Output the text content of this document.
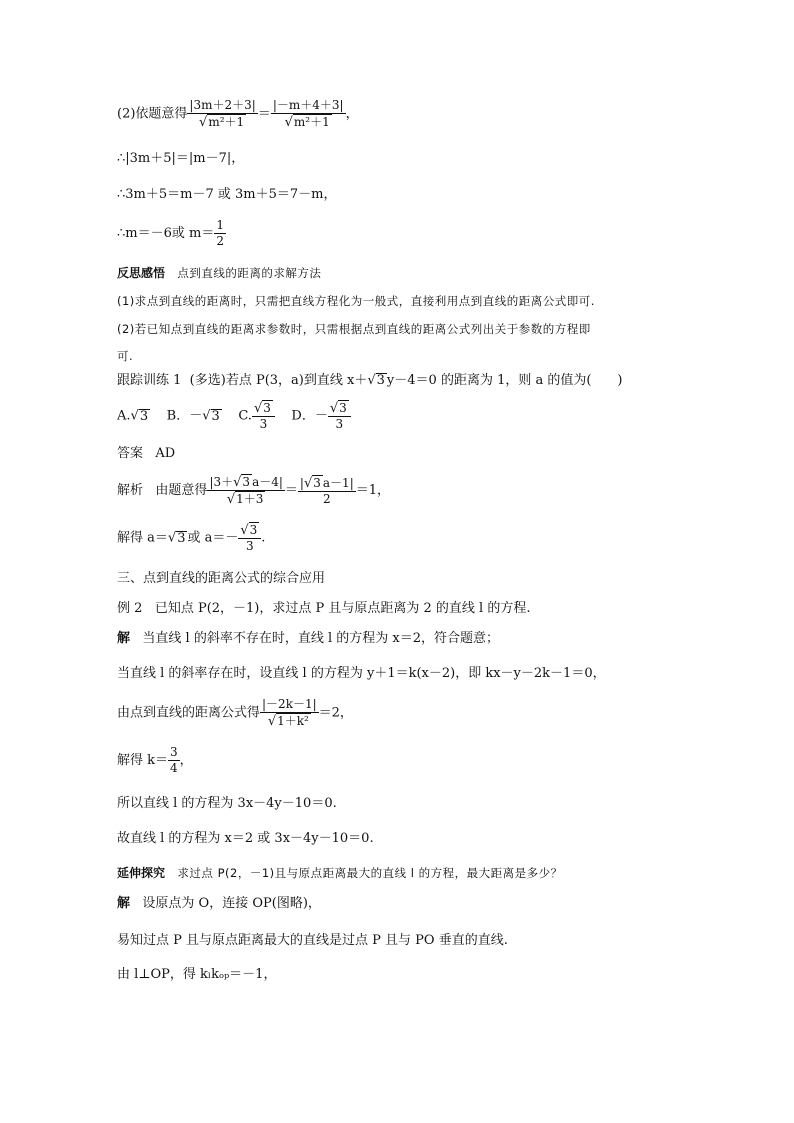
(2)依题意得 $\frac{|3m+2+3|}{\text{√m²＋1}} = \frac{|-m+4+3|}{\text{√m²＋1}}$ ，
∴|3m＋5|＝|m－7|，
∴3m＋5＝m－7 或 3m＋5＝7－m，
∴m＝－6或 $m= \frac{1}{2}$
反思感悟 点到直线的距离的求解方法
(1)求点到直线的距离时，只需把直线方程化为一般式，直接利用点到直线的距离公式即可.
(2)若已知点到直线的距离求参数时，只需根据点到直线的距离公式列出关于参数的方程即
可.
跟踪训练 1 (多选)若点 P(3，a)到直线 x＋√3 y－4＝0 的距离为 1，则 a 的值为(　　)
A.√3 B．－√3 C. $\frac{√3}{3}$ D．－ $\frac{√3}{3}$
答案 AD
解析 由题意得 $\frac{|3+√3 a-4|}{√1+3} = \frac{|√3 a-1|}{2} =1$，
解得 a＝√3 或 $a=- \frac{√3}{3}$ .
三、点到直线的距离公式的综合应用
例 2 已知点 P(2，－1)，求过点 P 且与原点距离为 2 的直线 l 的方程.
解 当直线 l 的斜率不存在时，直线 l 的方程为 x＝2，符合题意；
当直线 l 的斜率存在时，设直线 l 的方程为 y＋1＝k(x－2)，即 kx－y－2k－1＝0，
由点到直线的距离公式得 $\frac{|-2k-1|}{\text{√1＋k²}} =2$，
解得 $k= \frac{3}{4}$ ，
所以直线 l 的方程为 3x－4y－10＝0.
故直线 l 的方程为 x＝2 或 3x－4y－10＝0.
延伸探究 求过点 P(2，－1)且与原点距离最大的直线 l 的方程，最大距离是多少？
解 设原点为 O，连接 OP(图略)，
易知过点 P 且与原点距离最大的直线是过点 P 且与 PO 垂直的直线.
由 l⊥OP，得 kₗkₒₚ＝－1，
